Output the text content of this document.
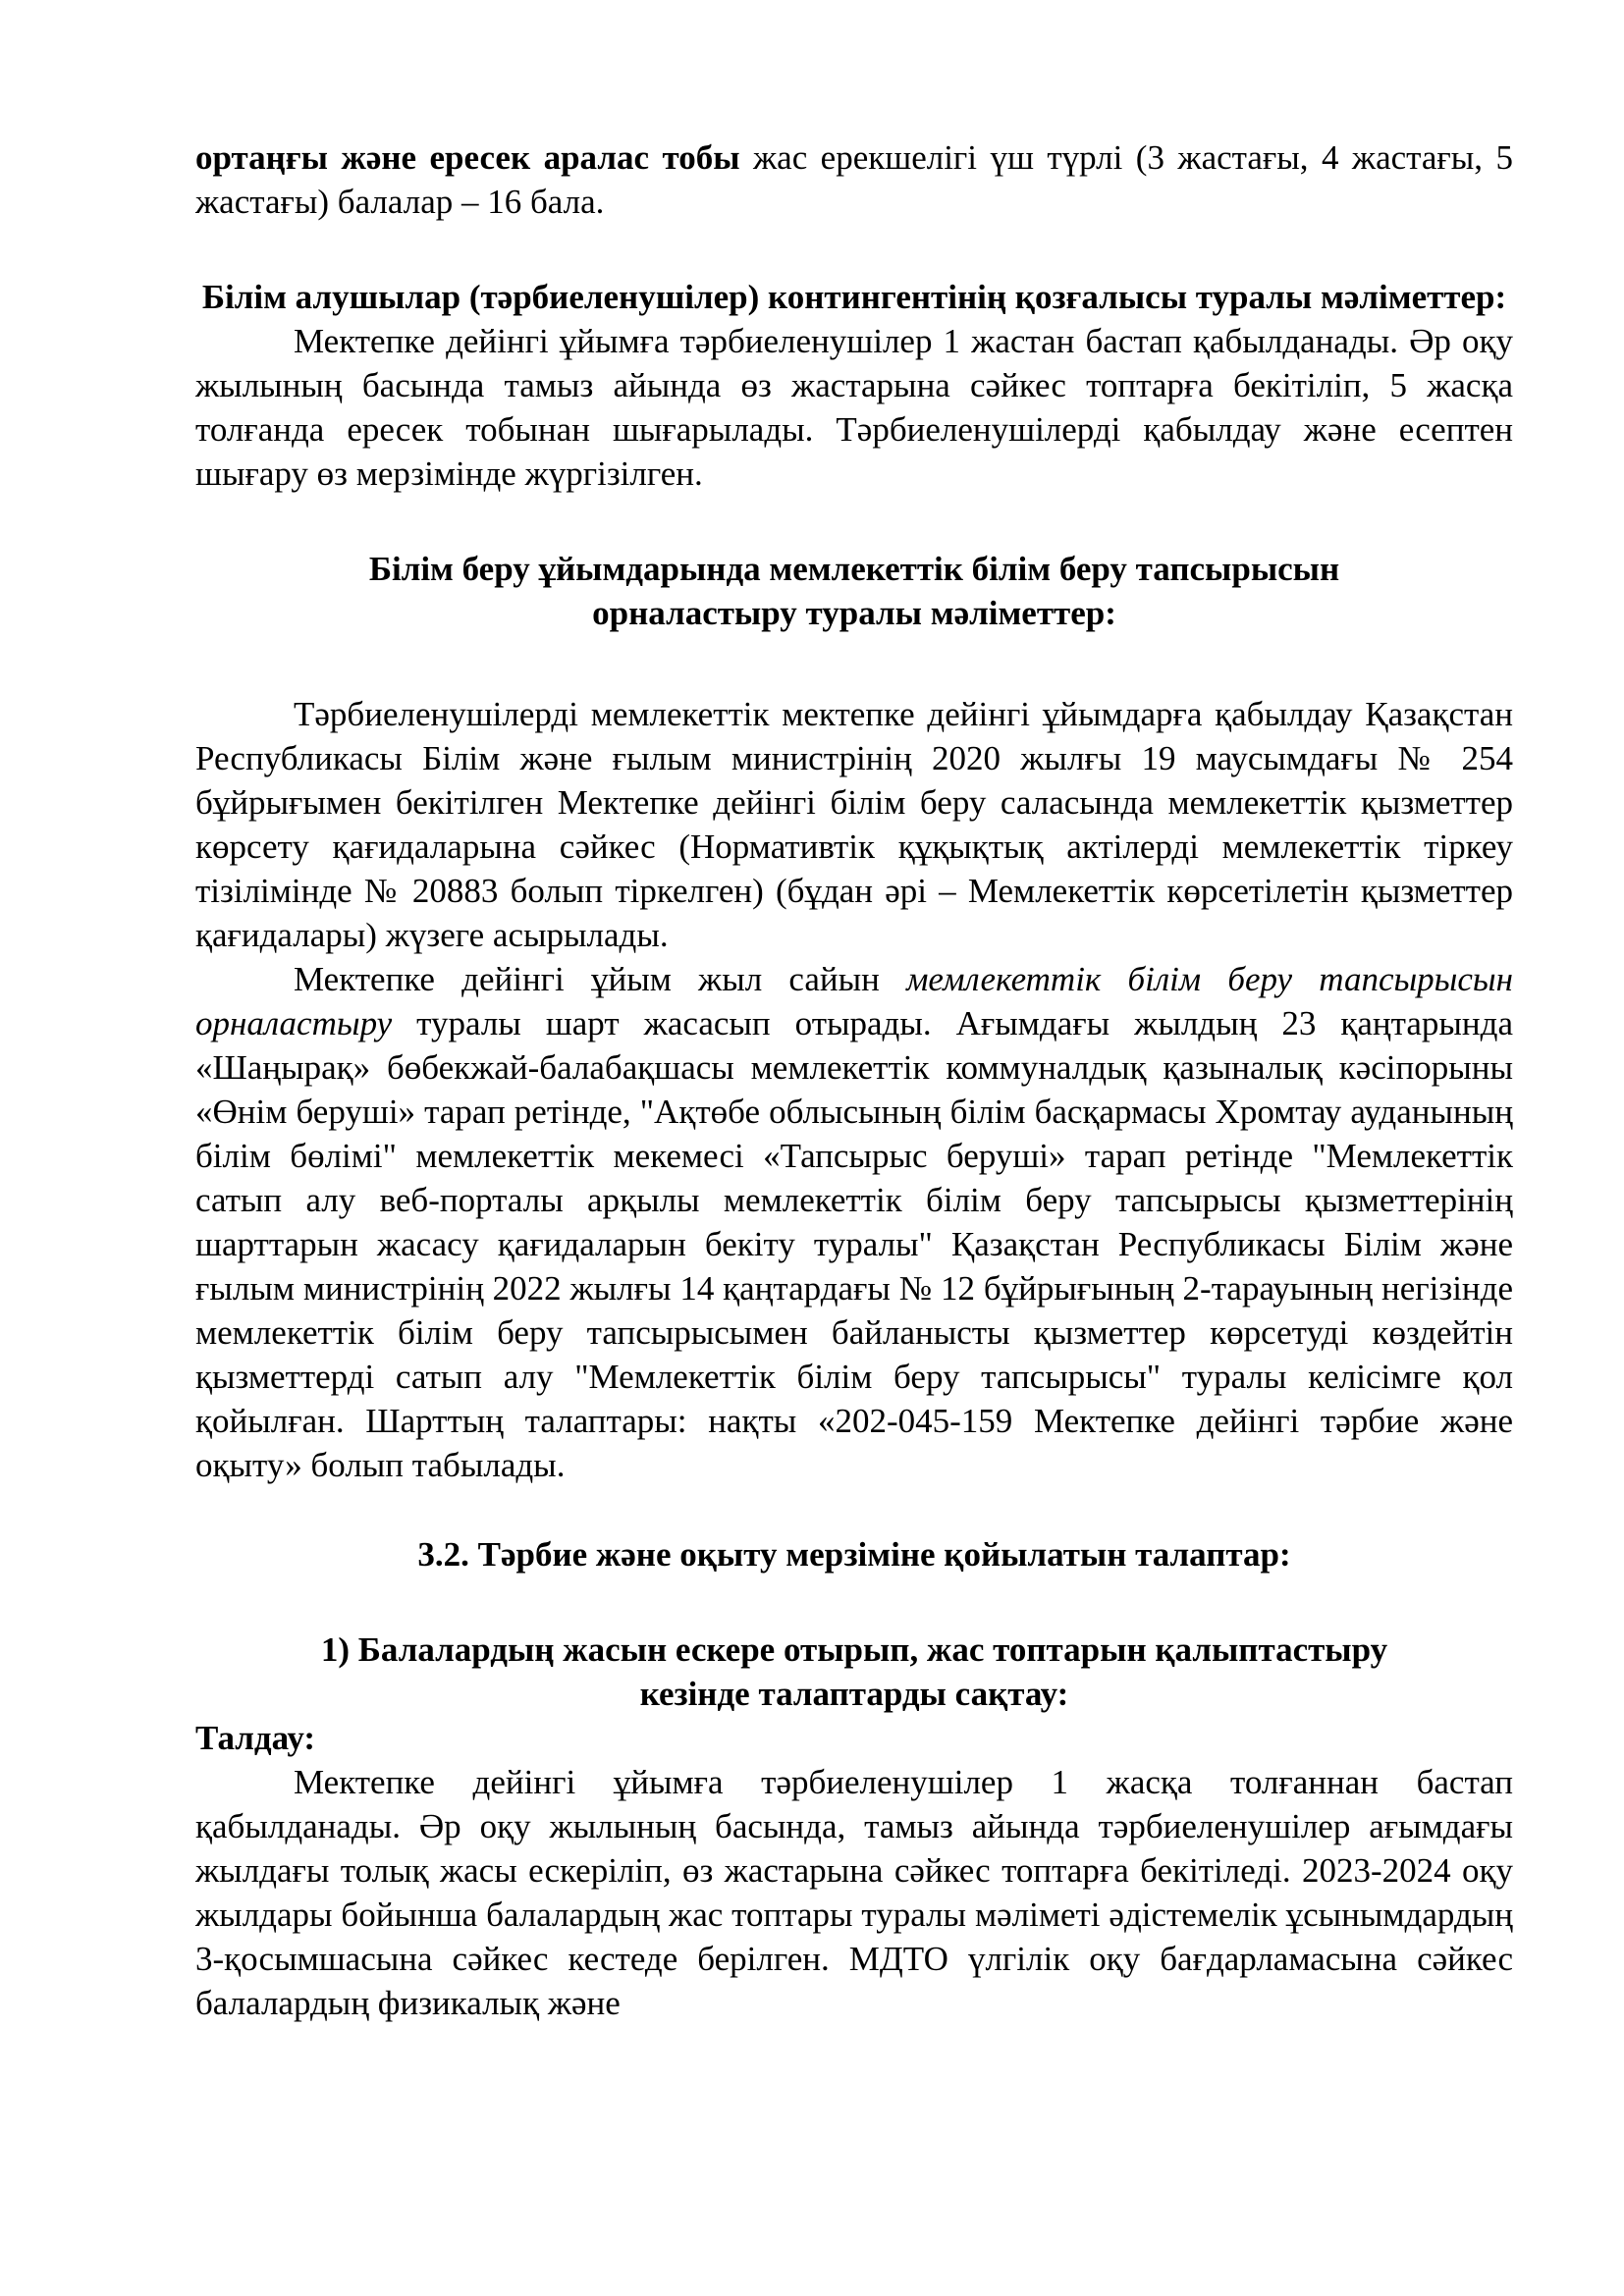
ортаңғы және ересек аралас тобы жас ерекшелігі үш түрлі (3 жастағы, 4 жастағы, 5 жастағы) балалар – 16 бала.

Білім алушылар (тәрбиеленушілер) контингентінің қозғалысы туралы мәліметтер:

Мектепке дейінгі ұйымға тәрбиеленушілер 1 жастан бастап қабылданады. Әр оқу жылының басында тамыз айында өз жастарына сәйкес топтарға бекітіліп, 5 жасқа толғанда ересек тобынан шығарылады. Тәрбиеленушілерді қабылдау және есептен шығару өз мерзімінде жүргізілген.

Білім беру ұйымдарында мемлекеттік білім беру тапсырысын
орналастыру туралы мәліметтер:

Тәрбиеленушілерді мемлекеттік мектепке дейінгі ұйымдарға қабылдау Қазақстан Республикасы Білім және ғылым министрінің 2020 жылғы 19 маусымдағы № 254 бұйрығымен бекітілген Мектепке дейінгі білім беру саласында мемлекеттік қызметтер көрсету қағидаларына сәйкес (Нормативтік құқықтық актілерді мемлекеттік тіркеу тізілімінде № 20883 болып тіркелген) (бұдан әрі – Мемлекеттік көрсетілетін қызметтер қағидалары) жүзеге асырылады.

Мектепке дейінгі ұйым жыл сайын мемлекеттік білім беру тапсырысын орналастыру туралы шарт жасасып отырады. Ағымдағы жылдың 23 қаңтарында «Шаңырақ» бөбекжай-балабақшасы мемлекеттік коммуналдық қазыналық кәсіпорыны «Өнім беруші» тарап ретінде, "Ақтөбе облысының білім басқармасы Хромтау ауданының білім бөлімі" мемлекеттік мекемесі «Тапсырыс беруші» тарап ретінде "Мемлекеттік сатып алу веб-порталы арқылы мемлекеттік білім беру тапсырысы қызметтерінің шарттарын жасасу қағидаларын бекіту туралы" Қазақстан Республикасы Білім және ғылым министрінің 2022 жылғы 14 қаңтардағы № 12 бұйрығының 2-тарауының негізінде мемлекеттік білім беру тапсырысымен байланысты қызметтер көрсетуді көздейтін қызметтерді сатып алу "Мемлекеттік білім беру тапсырысы" туралы келісімге қол қойылған. Шарттың талаптары: нақты «202-045-159 Мектепке дейінгі тәрбие және оқыту» болып табылады.

3.2. Тәрбие және оқыту мерзіміне қойылатын талаптар:

1) Балалардың жасын ескере отырып, жас топтарын қалыптастыру
кезінде талаптарды сақтау:

Талдау:

Мектепке дейінгі ұйымға тәрбиеленушілер 1 жасқа толғаннан бастап қабылданады. Әр оқу жылының басында, тамыз айында тәрбиеленушілер ағымдағы жылдағы толық жасы ескеріліп, өз жастарына сәйкес топтарға бекітіледі. 2023-2024 оқу жылдары бойынша балалардың жас топтары туралы мәліметі әдістемелік ұсынымдардың 3-қосымшасына сәйкес кестеде берілген. МДТО үлгілік оқу бағдарламасына сәйкес балалардың физикалық және
